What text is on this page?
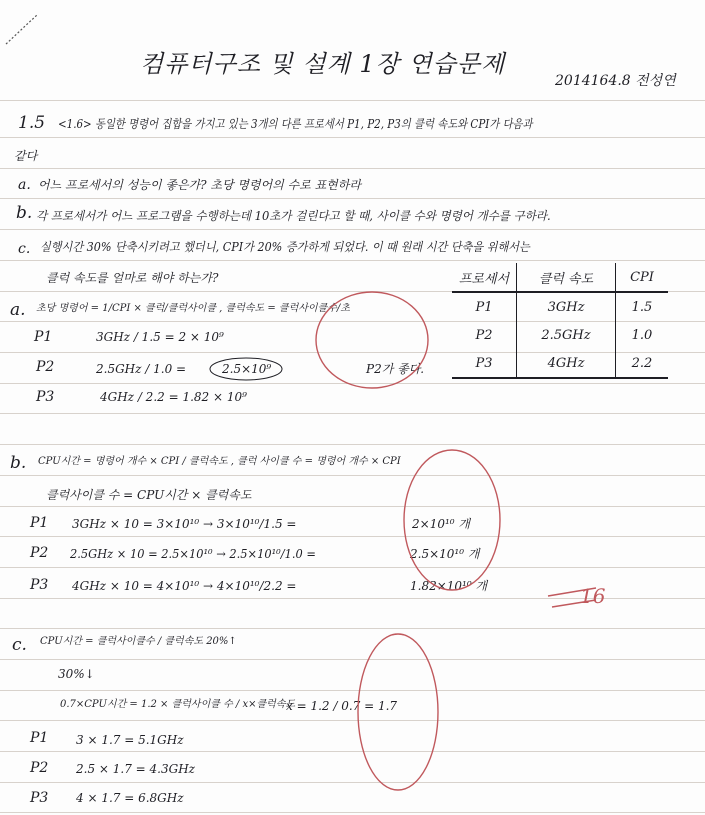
컴퓨터구조 및 설계 1장 연습문제
2014164.8 전성연
1.5 <1.6> 동일한 명령어 집합을 가지고 있는 3개의 다른 프로세서 P1, P2, P3의 클럭 속도와 CPI가 다음과
같다
a. 어느 프로세서의 성능이 좋은가? 초당 명령어의 수로 표현하라
b. 각 프로세서가 어느 프로그램을 수행하는데 10초가 걸린다고 할 때, 사이클 수와 명령어 개수를 구하라.
c. 실행시간 30% 단축시키려고 했더니, CPI가 20% 증가하게 되었다. 이 때 원래 시간 단축을 위해서는
클럭 속도를 얼마로 해야 하는가?	프로세서	클럭 속도	CPI
P1	3GHz	1.5
P2	2.5GHz	1.0
P3	4GHz	2.2
a. 초당 명령어 = 1/CPI × 클럭/클럭사이클 , 클럭속도 = 클럭사이클수/초
P1	3GHz / 1.5 = 2 × 10⁹
P2	2.5GHz / 1.0 =	2.5×10⁹	P2가 좋다.
P3	4GHz / 2.2 = 1.82 × 10⁹
b. CPU시간 = 명령어 개수 × CPI / 클럭속도 , 클럭 사이클 수 = 명령어 개수 × CPI
클럭사이클 수 = CPU시간 × 클럭속도
P1 3GHz × 10 = 3×10¹⁰ → 3×10¹⁰/1.5 =	2×10¹⁰ 개
P2 2.5GHz × 10 = 2.5×10¹⁰ → 2.5×10¹⁰/1.0 =	2.5×10¹⁰ 개
P3 4GHz × 10 = 4×10¹⁰ → 4×10¹⁰/2.2 =	1.82×10¹⁰ 개
c. CPU시간 = 클럭사이클수 / 클럭속도 20%↑
30%↓
0.7×CPU시간 = 1.2 × 클럭사이클 수 / x×클럭속도
x = 1.2 / 0.7 = 1.7
P1 3 × 1.7 = 5.1GHz
P2 2.5 × 1.7 = 4.3GHz
P3 4 × 1.7 = 6.8GHz
16
